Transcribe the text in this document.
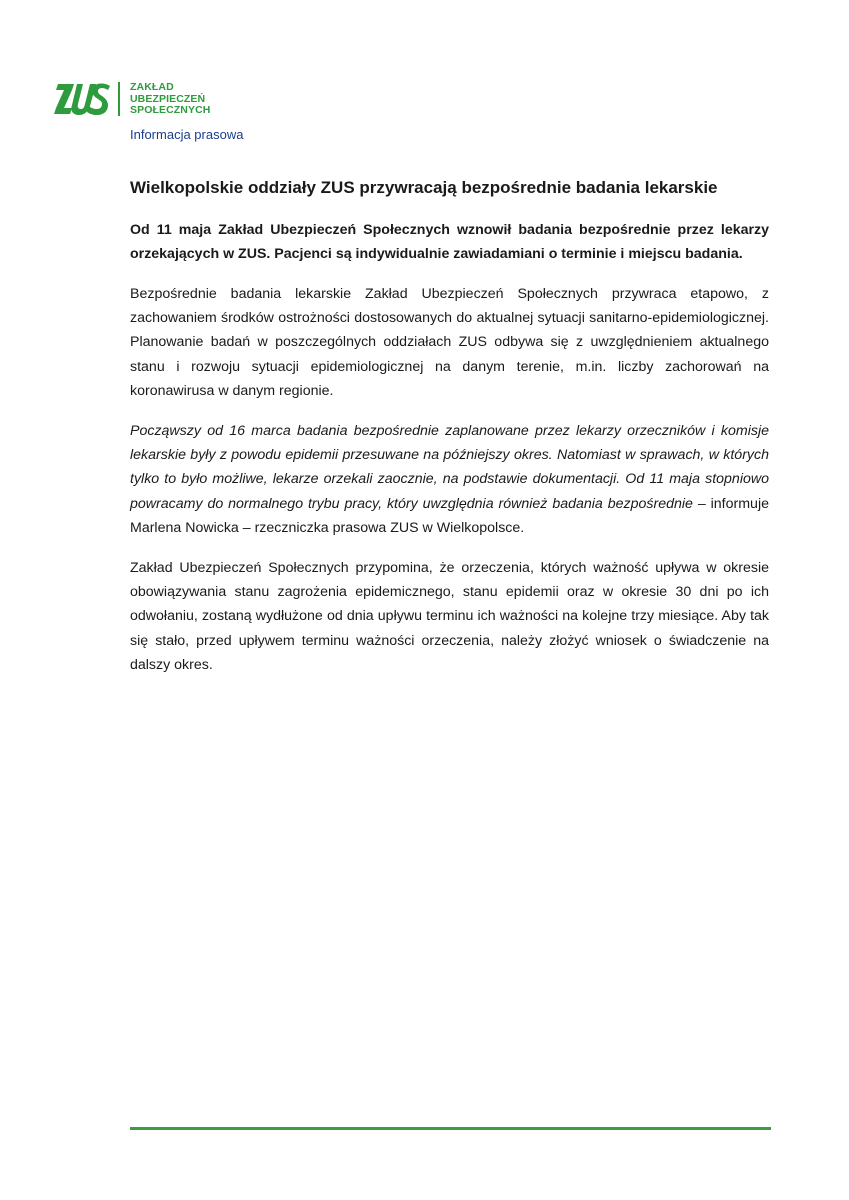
ZAKŁAD
UBEZPIECZEŃ
SPOŁECZNYCH
Informacja prasowa
Wielkopolskie oddziały ZUS przywracają bezpośrednie badania lekarskie

Od 11 maja Zakład Ubezpieczeń Społecznych wznowił badania bezpośrednie przez lekarzy orzekających w ZUS. Pacjenci są indywidualnie zawiadamiani o terminie i miejscu badania.

Bezpośrednie badania lekarskie Zakład Ubezpieczeń Społecznych przywraca etapowo, z zachowaniem środków ostrożności dostosowanych do aktualnej sytuacji sanitarno-epidemiologicznej. Planowanie badań w poszczególnych oddziałach ZUS odbywa się z uwzględnieniem aktualnego stanu i rozwoju sytuacji epidemiologicznej na danym terenie, m.in. liczby zachorowań na koronawirusa w danym regionie.

Począwszy od 16 marca badania bezpośrednie zaplanowane przez lekarzy orzeczników i komisje lekarskie były z powodu epidemii przesuwane na późniejszy okres. Natomiast w sprawach, w których tylko to było możliwe, lekarze orzekali zaocznie, na podstawie dokumentacji. Od 11 maja stopniowo powracamy do normalnego trybu pracy, który uwzględnia również badania bezpośrednie – informuje Marlena Nowicka – rzeczniczka prasowa ZUS w Wielkopolsce.

Zakład Ubezpieczeń Społecznych przypomina, że orzeczenia, których ważność upływa w okresie obowiązywania stanu zagrożenia epidemicznego, stanu epidemii oraz w okresie 30 dni po ich odwołaniu, zostaną wydłużone od dnia upływu terminu ich ważności na kolejne trzy miesiące. Aby tak się stało, przed upływem terminu ważności orzeczenia, należy złożyć wniosek o świadczenie na dalszy okres.
